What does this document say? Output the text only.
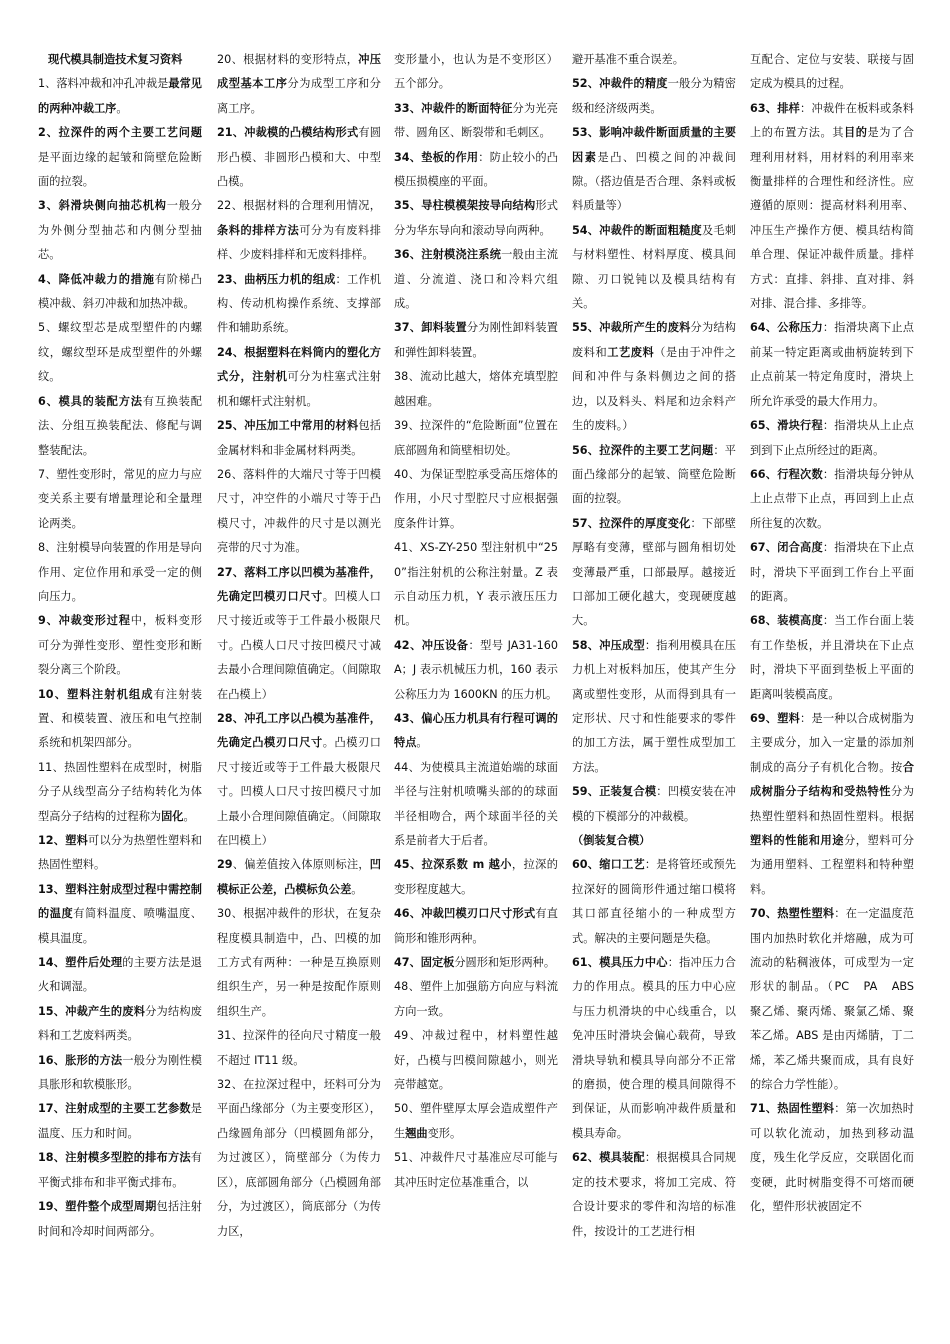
现代模具制造技术复习资料

1、落料冲裁和冲孔冲裁是最常见的两种冲裁工序。

2、拉深件的两个主要工艺问题是平面边缘的起皱和筒壁危险断面的拉裂。

3、斜滑块侧向抽芯机构一般分为外侧分型抽芯和内侧分型抽芯。

4、降低冲裁力的措施有阶梯凸模冲裁、斜刃冲裁和加热冲裁。

5、螺纹型芯是成型塑件的内螺纹，螺纹型环是成型塑件的外螺纹。

6、模具的装配方法有互换装配法、分组互换装配法、修配与调整装配法。

7、塑性变形时，常见的应力与应变关系主要有增量理论和全量理论两类。

8、注射模导向装置的作用是导向作用、定位作用和承受一定的侧向压力。

9、冲裁变形过程中，板料变形可分为弹性变形、塑性变形和断裂分离三个阶段。

10、塑料注射机组成有注射装置、和模装置、液压和电气控制系统和机架四部分。

11、热固性塑料在成型时，树脂分子从线型高分子结构转化为体型高分子结构的过程称为固化。

12、塑料可以分为热塑性塑料和热固性塑料。

13、塑料注射成型过程中需控制的温度有简料温度、喷嘴温度、模具温度。

14、塑件后处理的主要方法是退火和调湿。

15、冲裁产生的废料分为结构废料和工艺废料两类。

16、胀形的方法一般分为刚性模具胀形和软模胀形。

17、注射成型的主要工艺参数是温度、压力和时间。

18、注射模多型腔的排布方法有平衡式排布和非平衡式排布。

19、塑件整个成型周期包括注射时间和冷却时间两部分。

20、根据材料的变形特点，冲压成型基本工序分为成型工序和分离工序。

21、冲裁模的凸模结构形式有圆形凸模、非圆形凸模和大、中型凸模。

22、根据材料的合理利用情况，条料的排样方法可分为有废料排样、少废料排样和无废料排样。

23、曲柄压力机的组成：工作机构、传动机构操作系统、支撑部件和辅助系统。

24、根据塑料在料筒内的塑化方式分，注射机可分为柱塞式注射机和螺杆式注射机。

25、冲压加工中常用的材料包括金属材料和非金属材料两类。

26、落料件的大端尺寸等于凹模尺寸，冲空件的小端尺寸等于凸模尺寸，冲裁件的尺寸是以测光亮带的尺寸为准。

27、落料工序以凹模为基准件，先确定凹模刃口尺寸。凹模人口尺寸接近或等于工件最小极限尺寸。凸模人口尺寸按凹模尺寸减去最小合理间隙值确定。（间隙取在凸模上）

28、冲孔工序以凸模为基准件，先确定凸模刃口尺寸。凸模刃口尺寸接近或等于工件最大极限尺寸。凹模人口尺寸按凹模尺寸加上最小合理间隙值确定。（间隙取在凹模上）

29、偏差值按入体原则标注，凹模标正公差，凸模标负公差。

30、根据冲裁件的形状，在复杂程度模具制造中，凸、凹模的加工方式有两种：一种是互换原则组织生产，另一种是按配作原则组织生产。

31、拉深件的径向尺寸精度一般不超过 IT11 级。

32、在拉深过程中，坯料可分为平面凸缘部分（为主要变形区），凸缘圆角部分（凹模圆角部分，为过渡区），筒壁部分（为传力区），底部圆角部分（凸模圆角部分，为过渡区），筒底部分（为传力区，

变形量小，也认为是不变形区）五个部分。

33、冲裁件的断面特征分为光亮带、圆角区、断裂带和毛刺区。

34、垫板的作用：防止较小的凸模压损模座的平面。

35、导柱模模架按导向结构形式分为华东导向和滚动导向两种。

36、注射模浇注系统一般由主流道、分流道、浇口和冷料穴组成。

37、卸料装置分为刚性卸料装置和弹性卸料装置。

38、流动比越大，熔体充填型腔越困难。

39、拉深件的“危险断面”位置在底部圆角和筒壁相切处。

40、为保证型腔承受高压熔体的作用，小尺寸型腔尺寸应根据强度条件计算。

41、XS-ZY-250 型注射机中“250”指注射机的公称注射量。Z 表示自动压力机，Y 表示液压压力机。

42、冲压设备：型号 JA31-160A；J 表示机械压力机，160 表示公称压力为 1600KN 的压力机。

43、偏心压力机具有行程可调的特点。

44、为使模具主流道始端的球面半径与注射机喷嘴头部的的球面半径相吻合，两个球面半径的关系是前者大于后者。

45、拉深系数 m 越小，拉深的变形程度越大。

46、冲裁凹模刃口尺寸形式有直筒形和锥形两种。

47、固定板分圆形和矩形两种。

48、塑件上加强筋方向应与料流方向一致。

49、冲裁过程中，材料塑性越好，凸模与凹模间隙越小，则光亮带越宽。

50、塑件壁厚太厚会造成塑件产生翘曲变形。

51、冲裁件尺寸基准应尽可能与其冲压时定位基准重合，以

避开基准不重合误差。

52、冲裁件的精度一般分为精密级和经济级两类。

53、影响冲裁件断面质量的主要因素是凸、凹模之间的冲裁间隙。（搭边值是否合理、条料或板料质量等）

54、冲裁件的断面粗糙度及毛刺与材料塑性、材料厚度、模具间隙、刃口锐钝以及模具结构有关。

55、冲裁所产生的废料分为结构废料和工艺废料（是由于冲件之间和冲件与条料侧边之间的搭边，以及料头、料尾和边余料产生的废料。）

56、拉深件的主要工艺问题：平面凸缘部分的起皱、筒壁危险断面的拉裂。

57、拉深件的厚度变化：下部壁厚略有变薄，壁部与圆角相切处变薄最严重，口部最厚。越接近口部加工硬化越大，变现硬度越大。

58、冲压成型：指利用模具在压力机上对板料加压，使其产生分离或塑性变形，从而得到具有一定形状、尺寸和性能要求的零件的加工方法，属于塑性成型加工方法。

59、正装复合模：凹模安装在冲模的下模部分的冲裁模。

（倒装复合模）

60、缩口工艺：是将管坯或预先拉深好的圆筒形件通过缩口模将其口部直径缩小的一种成型方式。解决的主要问题是失稳。

61、模具压力中心：指冲压力合力的作用点。模具的压力中心应与压力机滑块的中心线重合，以免冲压时滑块会偏心载荷，导致滑块导轨和模具导向部分不正常的磨损，使合理的模具间隙得不到保证，从而影响冲裁件质量和模具寿命。

62、模具装配：根据模具合同规定的技术要求，将加工完成、符合设计要求的零件和沟培的标准件，按设计的工艺进行相

互配合、定位与安装、联接与固定成为模具的过程。

63、排样：冲裁件在板料或条料上的布置方法。其目的是为了合理利用材料，用材料的利用率来衡量排样的合理性和经济性。应遵循的原则：提高材料利用率、冲压生产操作方便、模具结构简单合理、保证冲裁件质量。排样方式：直排、斜排、直对排、斜对排、混合排、多排等。

64、公称压力：指滑块离下止点前某一特定距离或曲柄旋转到下止点前某一特定角度时，滑块上所允许承受的最大作用力。

65、滑块行程：指滑块从上止点到到下止点所经过的距离。

66、行程次数：指滑块每分钟从上止点带下止点，再回到上止点所往复的次数。

67、闭合高度：指滑块在下止点时，滑块下平面到工作台上平面的距离。

68、装模高度：当工作台面上装有工作垫板，并且滑块在下止点时，滑块下平面到垫板上平面的距离叫装模高度。

69、塑料：是一种以合成树脂为主要成分，加入一定量的添加剂制成的高分子有机化合物。按合成树脂分子结构和受热特性分为热塑性塑料和热固性塑料。根据塑料的性能和用途分，塑料可分为通用塑料、工程塑料和特种塑料。

70、热塑性塑料：在一定温度范围内加热时软化并熔融，成为可流动的粘稠液体，可成型为一定形状的制品。（PC　PA　ABS　聚乙烯、聚丙烯、聚氯乙烯、聚苯乙烯。ABS 是由丙烯腈，丁二烯，苯乙烯共聚而成，具有良好的综合力学性能）。

71、热固性塑料：第一次加热时可以软化流动，加热到移动温度，残生化学反应，交联固化而变硬，此时树脂变得不可熔而硬化，塑件形状被固定不
